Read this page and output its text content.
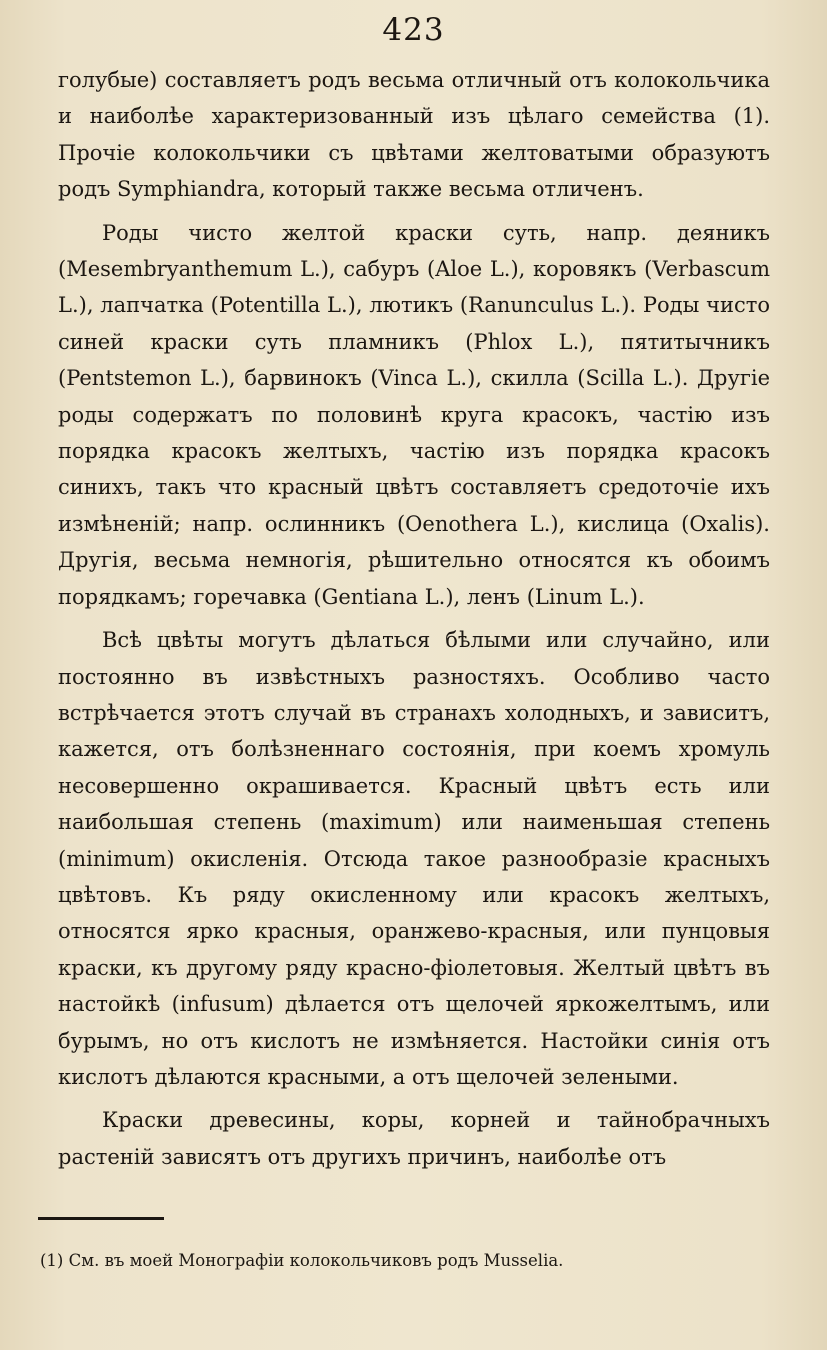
423

голубые) составляетъ родъ весьма отличный отъ колокольчика и наиболѣе характеризованный изъ цѣлаго семейства (1). Прочіе колокольчики съ цвѣтами желтоватыми образуютъ родъ Symphiandra, который также весьма отличенъ.

Роды чисто желтой краски суть, напр. деяникъ (Mesembryanthemum L.), сабуръ (Aloe L.), коровякъ (Verbascum L.), лапчатка (Potentilla L.), лютикъ (Ranunculus L.). Роды чисто синей краски суть пламникъ (Phlox L.), пятитычникъ (Pentstemon L.), барвинокъ (Vinca L.), скилла (Scilla L.). Другіе роды содержатъ по половинѣ круга красокъ, частію изъ порядка красокъ желтыхъ, частію изъ порядка красокъ синихъ, такъ что красный цвѣтъ составляетъ средоточіе ихъ измѣненій; напр. ослинникъ (Oenothera L.), кислица (Oxalis). Другія, весьма немногія, рѣшительно относятся къ обоимъ порядкамъ; горечавка (Gentiana L.), ленъ (Linum L.).

Всѣ цвѣты могутъ дѣлаться бѣлыми или случайно, или постоянно въ извѣстныхъ разностяхъ. Особливо часто встрѣчается этотъ случай въ странахъ холодныхъ, и зависитъ, кажется, отъ болѣзненнаго состоянія, при коемъ хромуль несовершенно окрашивается. Красный цвѣтъ есть или наибольшая степень (maximum) или наименьшая степень (minimum) окисленія. Отсюда такое разнообразіе красныхъ цвѣтовъ. Къ ряду окисленному или красокъ желтыхъ, относятся ярко красныя, оранжево-красныя, или пунцовыя краски, къ другому ряду красно-фіолетовыя. Желтый цвѣтъ въ настойкѣ (infusum) дѣлается отъ щелочей яркожелтымъ, или бурымъ, но отъ кислотъ не измѣняется. Настойки синія отъ кислотъ дѣлаются красными, а отъ щелочей зелеными.

Краски древесины, коры, корней и тайнобрачныхъ растеній зависятъ отъ другихъ причинъ, наиболѣе отъ

(1) См. въ моей Монографіи колокольчиковъ родъ Musselia.
